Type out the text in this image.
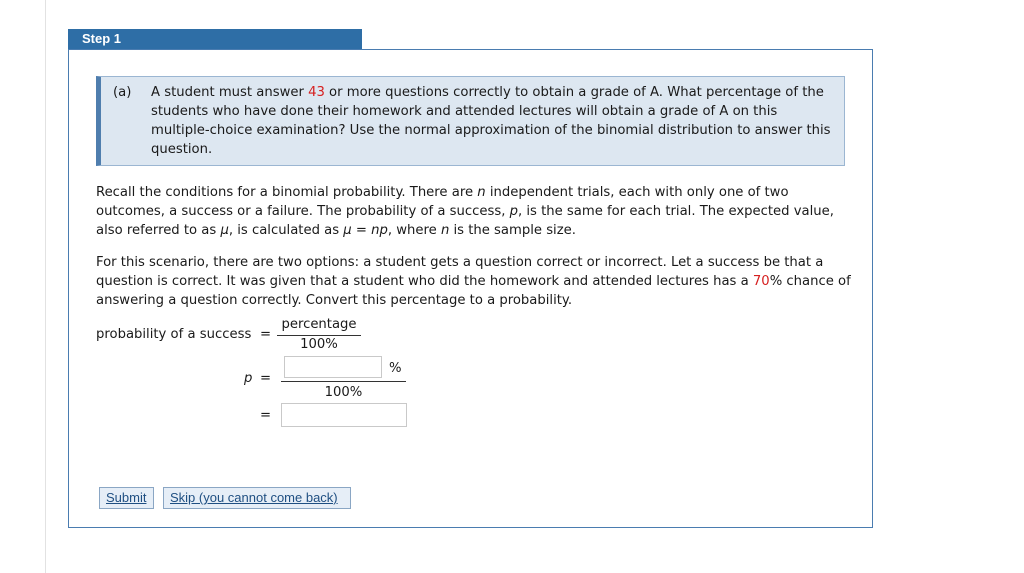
Step 1
(a) A student must answer 43 or more questions correctly to obtain a grade of A. What percentage of the students who have done their homework and attended lectures will obtain a grade of A on this multiple-choice examination? Use the normal approximation of the binomial distribution to answer this question.
Recall the conditions for a binomial probability. There are n independent trials, each with only one of two outcomes, a success or a failure. The probability of a success, p, is the same for each trial. The expected value, also referred to as μ, is calculated as μ = np, where n is the sample size.
For this scenario, there are two options: a student gets a question correct or incorrect. Let a success be that a question is correct. It was given that a student who did the homework and attended lectures has a 70% chance of answering a question correctly. Convert this percentage to a probability.
probability of a success =
percentage
100%
p =
%
100%
=
Submit	Skip (you cannot come back)
